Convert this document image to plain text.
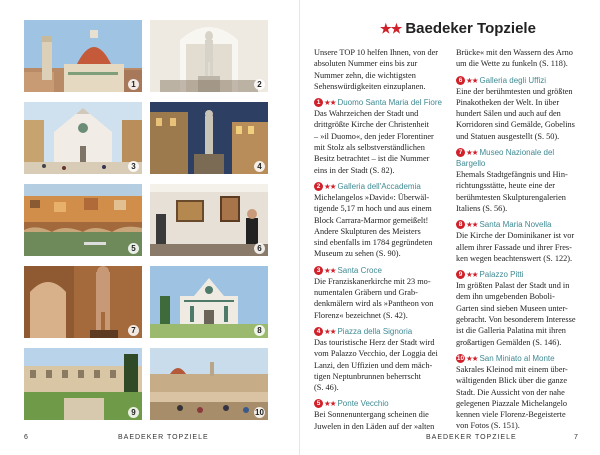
1	2
3	4
5	6
7	8
9	10
6	BAEDEKER TOPZIELE
★★ Baedeker Topziele

Unsere TOP 10 helfen Ihnen, von der absoluten Nummer eins bis zur Nummer zehn, die wichtigsten Sehenswürdigkeiten einzuplanen.

1 ★★ Duomo Santa Maria del Fiore
Das Wahrzeichen der Stadt und
drittgrößte Kirche der Christenheit
– »il Duomo«, den jeder Florentiner
mit Stolz als selbstverständlichen
Besitz betrachtet – ist die Nummer
eins in der Stadt (S. 82).
2 ★★ Galleria dell'Accademia
Michelangelos »David«: Überwäl-
tigende 5,17 m hoch und aus einem
Block Carrara-Marmor gemeißelt!
Andere Skulpturen des Meisters
sind ebenfalls im 1784 gegründeten
Museum zu sehen (S. 90).
3 ★★ Santa Croce
Die Franziskanerkirche mit 23 mo-
numentalen Gräbern und Grab-
denkmälern wird als »Pantheon von
Florenz« bezeichnet (S. 42).
4 ★★ Piazza della Signoria
Das touristische Herz der Stadt wird
vom Palazzo Vecchio, der Loggia dei
Lanzi, den Uffizien und dem mäch-
tigen Neptunbrunnen beherrscht
(S. 46).
5 ★★ Ponte Vecchio
Bei Sonnenuntergang scheinen die
Juwelen in den Läden auf der »alten
Brücke« mit den Wassern des Arno
um die Wette zu funkeln (S. 118).
6 ★★ Galleria degli Uffizi
Eine der berühmtesten und größten
Pinakotheken der Welt. In über
hundert Sälen und auch auf den
Korridoren sind Gemälde, Gobelins
und Statuen ausgestellt (S. 50).
7 ★★ Museo Nazionale del
Bargello
Ehemals Stadtgefängnis und Hin-
richtungsstätte, heute eine der
berühmtesten Skulpturengalerien
Italiens (S. 56).
8 ★★ Santa Maria Novella
Die Kirche der Dominikaner ist vor
allem ihrer Fassade und ihrer Fres-
ken wegen beachtenswert (S. 122).
9 ★★ Palazzo Pitti
Im größten Palast der Stadt und in
dem ihn umgebenden Boboli-
Garten sind sieben Museen unter-
gebracht. Von besonderem Interesse
ist die Galleria Palatina mit ihren
großartigen Gemälden (S. 146).
10 ★★ San Miniato al Monte
Sakrales Kleinod mit einem über-
wältigenden Blick über die ganze
Stadt. Die Aussicht von der nahe
gelegenen Piazzale Michelangelo
kennen viele Florenz-Begeisterte
von Fotos (S. 151).
BAEDEKER TOPZIELE	7
